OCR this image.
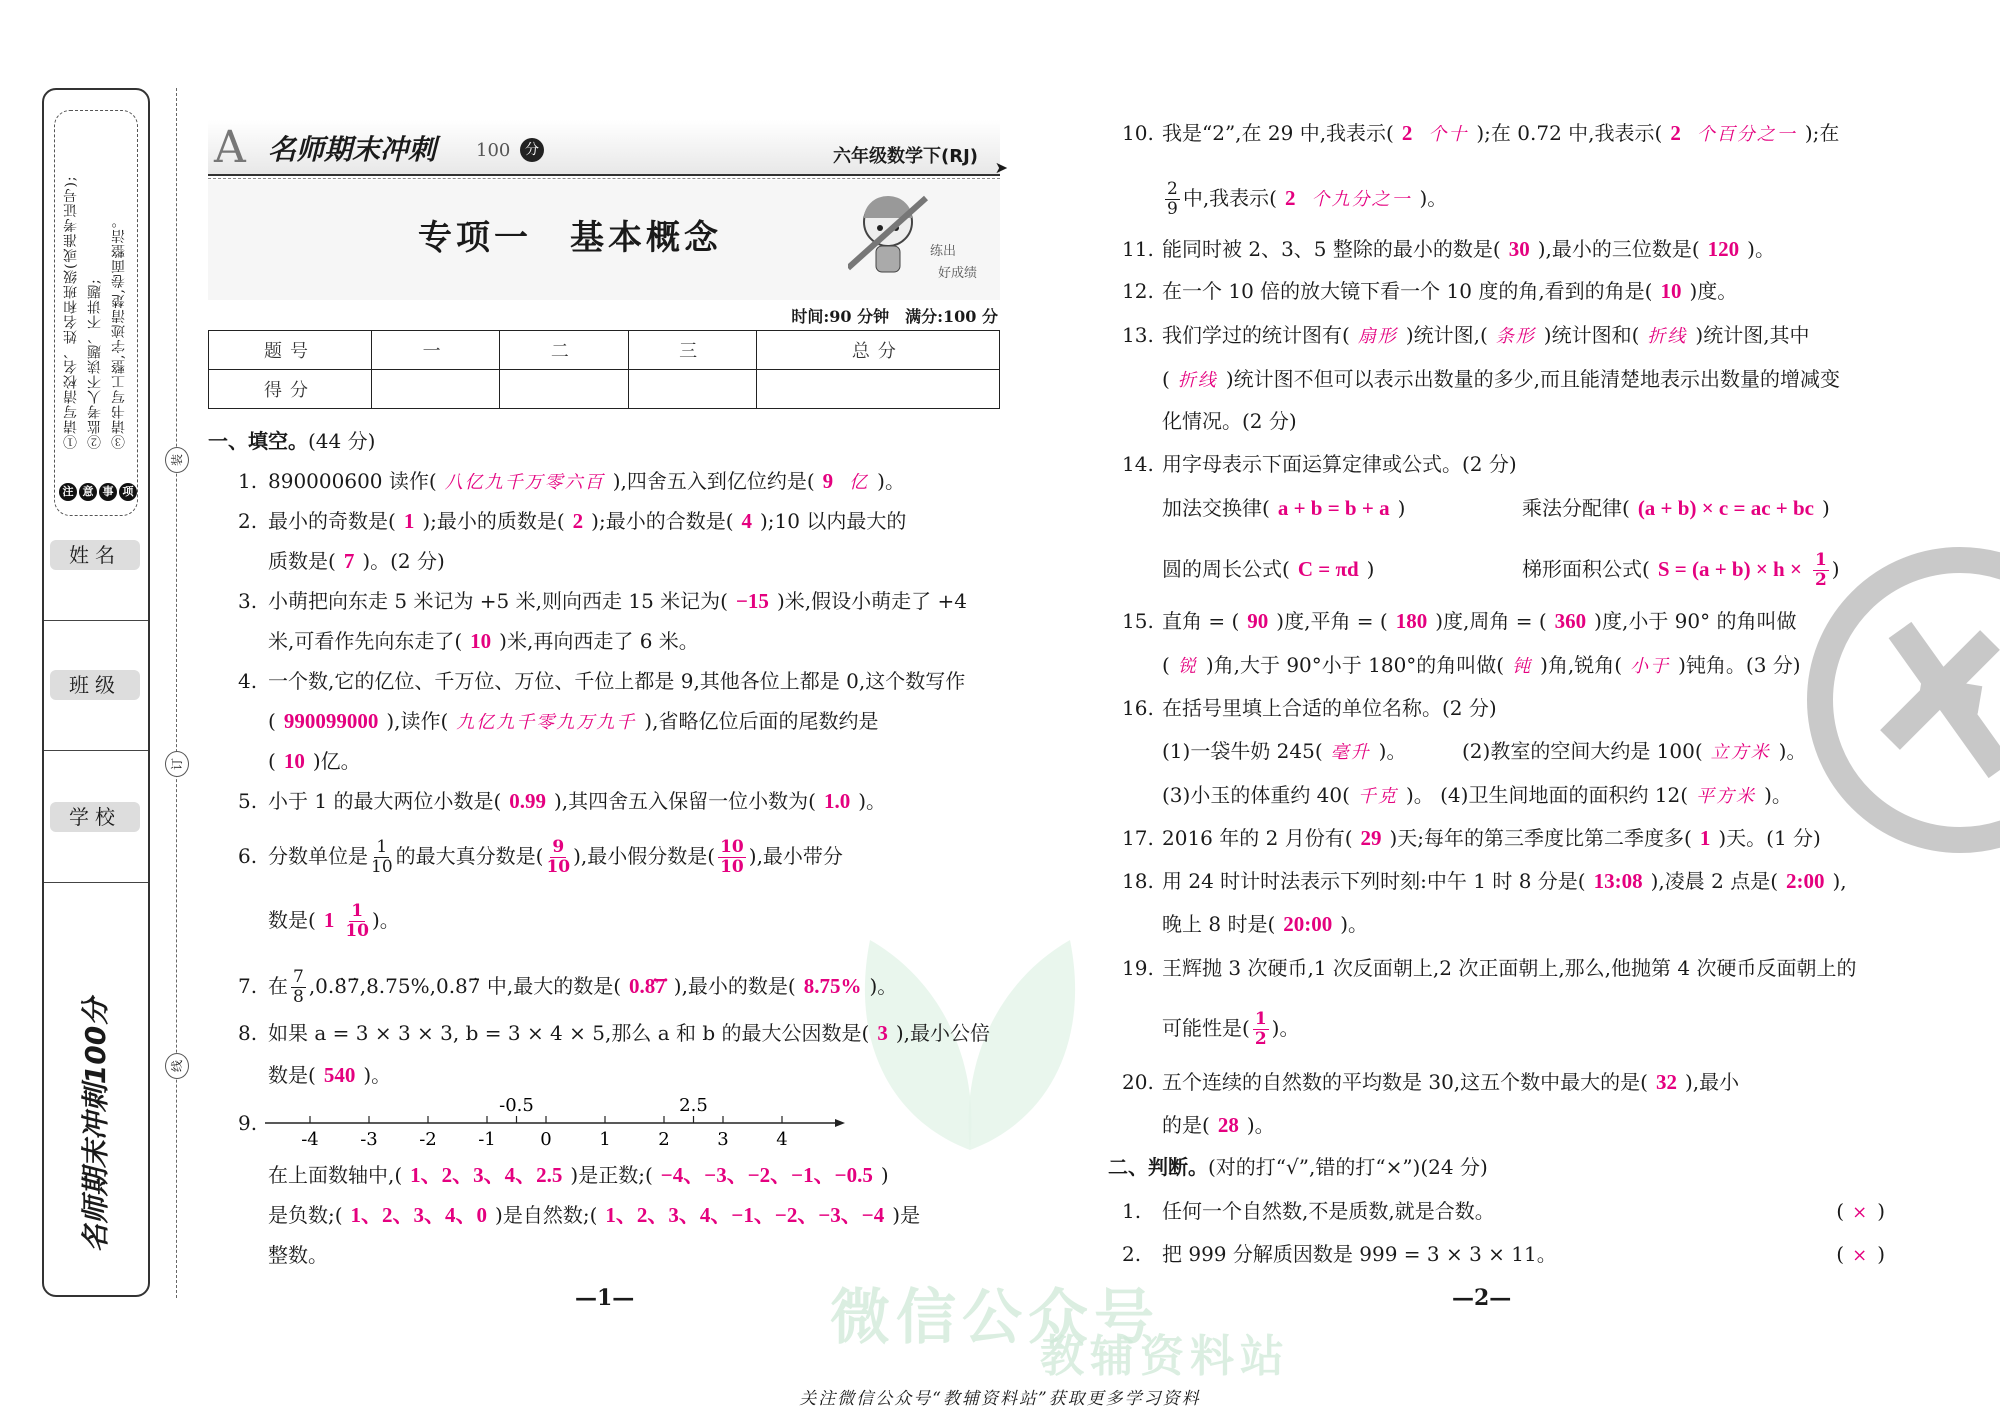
①请写清校名、姓名和班级(或准考证号); ②监考人不读题、不讲题; ③请书写工整,字迹清楚,卷面整洁。
注 意 事 项
姓名
班级
学校
名师期末冲刺100分
装
订
线
微信公众号
教辅资料站
A 名师期末冲刺 100	分	六年级数学下(RJ)
➤
专项一　基本概念	练出
好成绩
时间:90 分钟　满分:100 分
题号	一	二	三	总分
得分				
一、填空。(44 分)
1. 890000600 读作( 八亿九千万零六百 ),四舍五入到亿位约是( 9 亿 )。
2. 最小的奇数是( 1 );最小的质数是( 2 );最小的合数是( 4 );10 以内最大的
质数是( 7 )。(2 分)
3. 小萌把向东走 5 米记为 +5 米,则向西走 15 米记为( −15 )米,假设小萌走了 +4
米,可看作先向东走了( 10 )米,再向西走了 6 米。
4. 一个数,它的亿位、千万位、万位、千位上都是 9,其他各位上都是 0,这个数写作
( 990099000 ),读作( 九亿九千零九万九千 ),省略亿位后面的尾数约是
( 10 )亿。
5. 小于 1 的最大两位小数是( 0.99 ),其四舍五入保留一位小数为( 1.0 )。
6. 分数单位是 $\frac{1}{10}$ 的最大真分数是( $\frac{9}{10}$ ),最小假分数是( $\frac{10}{10}$ ),最小带分
数是( $1 \frac{1}{10}$ )。
7. 在 $\frac{7}{8}$ ,0.8̇7̇,8.75%,0.87̇ 中,最大的数是( 0.8̇7̇ ),最小的数是( 8.75% )。
8. 如果 a = 3 × 3 × 3, b = 3 × 4 × 5,那么 a 和 b 的最大公因数是( 3 ),最小公倍
数是( 540 )。
在上面数轴中,( 1、2、3、4、2.5 )是正数;( −4、−3、−2、−1、−0.5 )
是负数;( 1、2、3、4、0 )是自然数;( 1、2、3、4、−1、−2、−3、−4 )是
整数。
10. 我是“2”,在 29 中,我表示( 2 个十 );在 0.72 中,我表示( 2 个百分之一 );在
$\frac{2}{9}$ 中,我表示( 2 个九分之一 )。
11. 能同时被 2、3、5 整除的最小的数是( 30 ),最小的三位数是( 120 )。
12. 在一个 10 倍的放大镜下看一个 10 度的角,看到的角是( 10 )度。
13. 我们学过的统计图有( 扇形 )统计图,( 条形 )统计图和( 折线 )统计图,其中
( 折线 )统计图不但可以表示出数量的多少,而且能清楚地表示出数量的增减变
化情况。(2 分)
14. 用字母表示下面运算定律或公式。(2 分)
加法交换律( a + b = b + a )	乘法分配律( (a + b) × c = ac + bc )
圆的周长公式( C = πd )	梯形面积公式( $S = (a + b) \times h \times \frac{1}{2}$ )
15. 直角 = ( 90 )度,平角 = ( 180 )度,周角 = ( 360 )度,小于 90° 的角叫做
( 锐 )角,大于 90°小于 180°的角叫做( 钝 )角,锐角( 小于 )钝角。(3 分)
16. 在括号里填上合适的单位名称。(2 分)
(1)一袋牛奶 245( 毫升 )。	(2)教室的空间大约是 100( 立方米 )。
(3)小玉的体重约 40( 千克 )。 (4)卫生间地面的面积约 12( 平方米 )。
17. 2016 年的 2 月份有( 29 )天;每年的第三季度比第二季度多( 1 )天。(1 分)
18. 用 24 时计时法表示下列时刻:中午 1 时 8 分是( 13:08 ),凌晨 2 点是( 2:00 ),
晚上 8 时是( 20:00 )。
19. 王辉抛 3 次硬币,1 次反面朝上,2 次正面朝上,那么,他抛第 4 次硬币反面朝上的
可能性是( $\frac{1}{2}$ )。
20. 五个连续的自然数的平均数是 30,这五个数中最大的是( 32 ),最小
的是( 28 )。
二、判断。(对的打“√”,错的打“×”)(24 分)
1. 任何一个自然数,不是质数,就是合数。	( × )
2. 把 999 分解质因数是 999 = 3 × 3 × 11。	( × )
9.
-4 -3 -2 -1 0	1	2	3	4
-0.5	2.5
—1—	—2—
关注微信公众号“教辅资料站”获取更多学习资料
